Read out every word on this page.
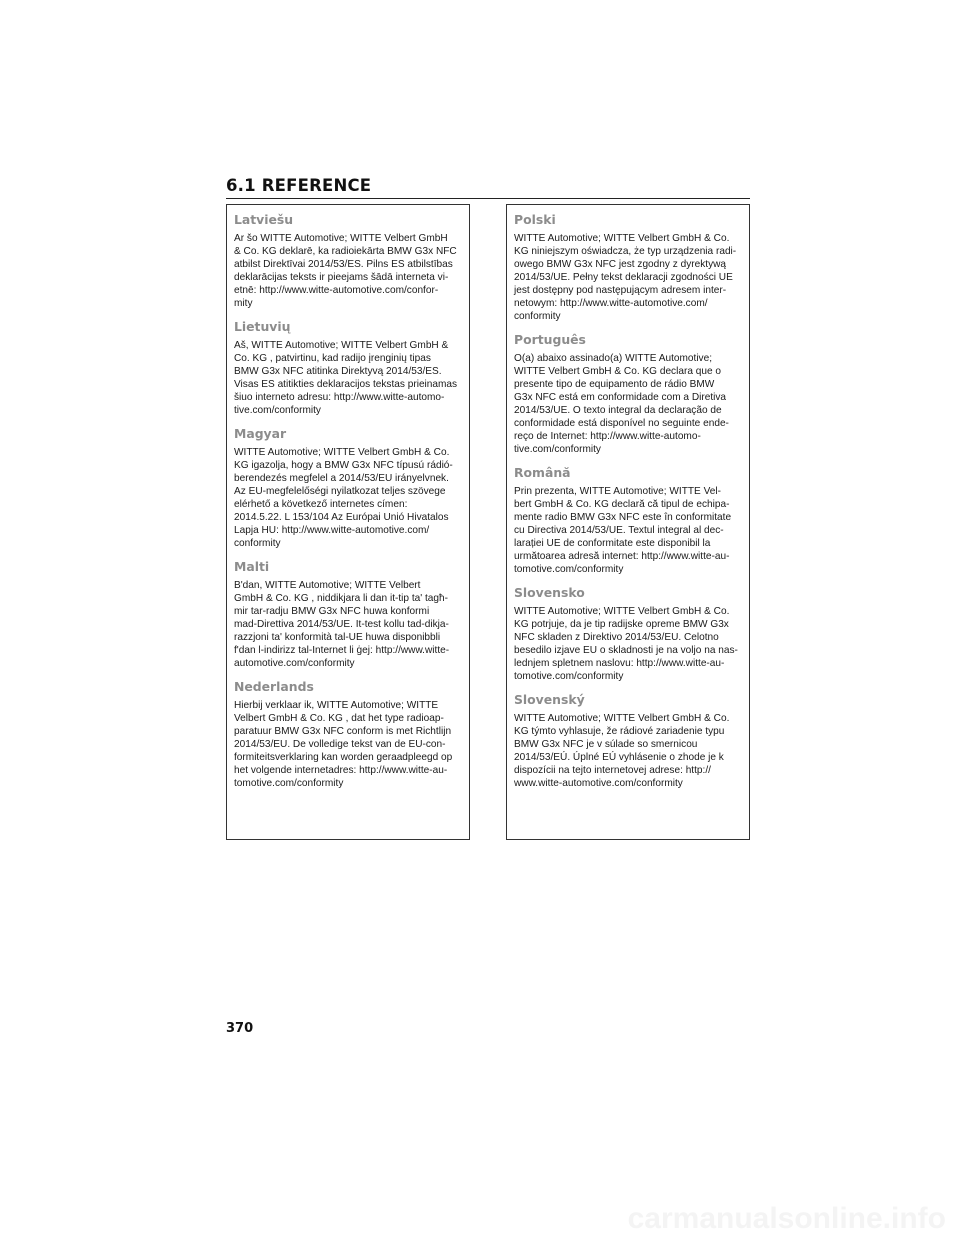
6.1 REFERENCE
Latviešu
Ar šo WITTE Automotive; WITTE Velbert GmbH
& Co. KG deklarē, ka radioiekārta BMW G3x NFC
atbilst Direktīvai 2014/53/ES. Pilns ES atbilstības
deklarācijas teksts ir pieejams šādā interneta vi-
etnē: http://www.witte-automotive.com/confor-
mity
Lietuvių
Aš, WITTE Automotive; WITTE Velbert GmbH &
Co. KG , patvirtinu, kad radijo įrenginių tipas
BMW G3x NFC atitinka Direktyvą 2014/53/ES.
Visas ES atitikties deklaracijos tekstas prieinamas
šiuo interneto adresu: http://www.witte-automo-
tive.com/conformity
Magyar
WITTE Automotive; WITTE Velbert GmbH & Co.
KG igazolja, hogy a BMW G3x NFC típusú rádió-
berendezés megfelel a 2014/53/EU irányelvnek.
Az EU-megfelelőségi nyilatkozat teljes szövege
elérhető a következő internetes címen:
2014.5.22. L 153/104 Az Európai Unió Hivatalos
Lapja HU: http://www.witte-automotive.com/
conformity
Malti
B'dan, WITTE Automotive; WITTE Velbert
GmbH & Co. KG , niddikjara li dan it-tip ta' tagħ-
mir tar-radju BMW G3x NFC huwa konformi
mad-Direttiva 2014/53/UE. It-test kollu tad-dikja-
razzjoni ta' konformità tal-UE huwa disponibbli
f'dan l-indirizz tal-Internet li ġej: http://www.witte-
automotive.com/conformity
Nederlands
Hierbij verklaar ik, WITTE Automotive; WITTE
Velbert GmbH & Co. KG , dat het type radioap-
paratuur BMW G3x NFC conform is met Richtlijn
2014/53/EU. De volledige tekst van de EU-con-
formiteitsverklaring kan worden geraadpleegd op
het volgende internetadres: http://www.witte-au-
tomotive.com/conformity
Polski
WITTE Automotive; WITTE Velbert GmbH & Co.
KG niniejszym oświadcza, że typ urządzenia radi-
owego BMW G3x NFC jest zgodny z dyrektywą
2014/53/UE. Pełny tekst deklaracji zgodności UE
jest dostępny pod następującym adresem inter-
netowym: http://www.witte-automotive.com/
conformity
Português
O(a) abaixo assinado(a) WITTE Automotive;
WITTE Velbert GmbH & Co. KG declara que o
presente tipo de equipamento de rádio BMW
G3x NFC está em conformidade com a Diretiva
2014/53/UE. O texto integral da declaração de
conformidade está disponível no seguinte ende-
reço de Internet: http://www.witte-automo-
tive.com/conformity
Română
Prin prezenta, WITTE Automotive; WITTE Vel-
bert GmbH & Co. KG declară că tipul de echipa-
mente radio BMW G3x NFC este în conformitate
cu Directiva 2014/53/UE. Textul integral al dec-
larației UE de conformitate este disponibil la
următoarea adresă internet: http://www.witte-au-
tomotive.com/conformity
Slovensko
WITTE Automotive; WITTE Velbert GmbH & Co.
KG potrjuje, da je tip radijske opreme BMW G3x
NFC skladen z Direktivo 2014/53/EU. Celotno
besedilo izjave EU o skladnosti je na voljo na nas-
lednjem spletnem naslovu: http://www.witte-au-
tomotive.com/conformity
Slovenský
WITTE Automotive; WITTE Velbert GmbH & Co.
KG týmto vyhlasuje, že rádiové zariadenie typu
BMW G3x NFC je v súlade so smernicou
2014/53/EÚ. Úplné EÚ vyhlásenie o zhode je k
dispozícii na tejto internetovej adrese: http://
www.witte-automotive.com/conformity
370
carmanualsonline.info
